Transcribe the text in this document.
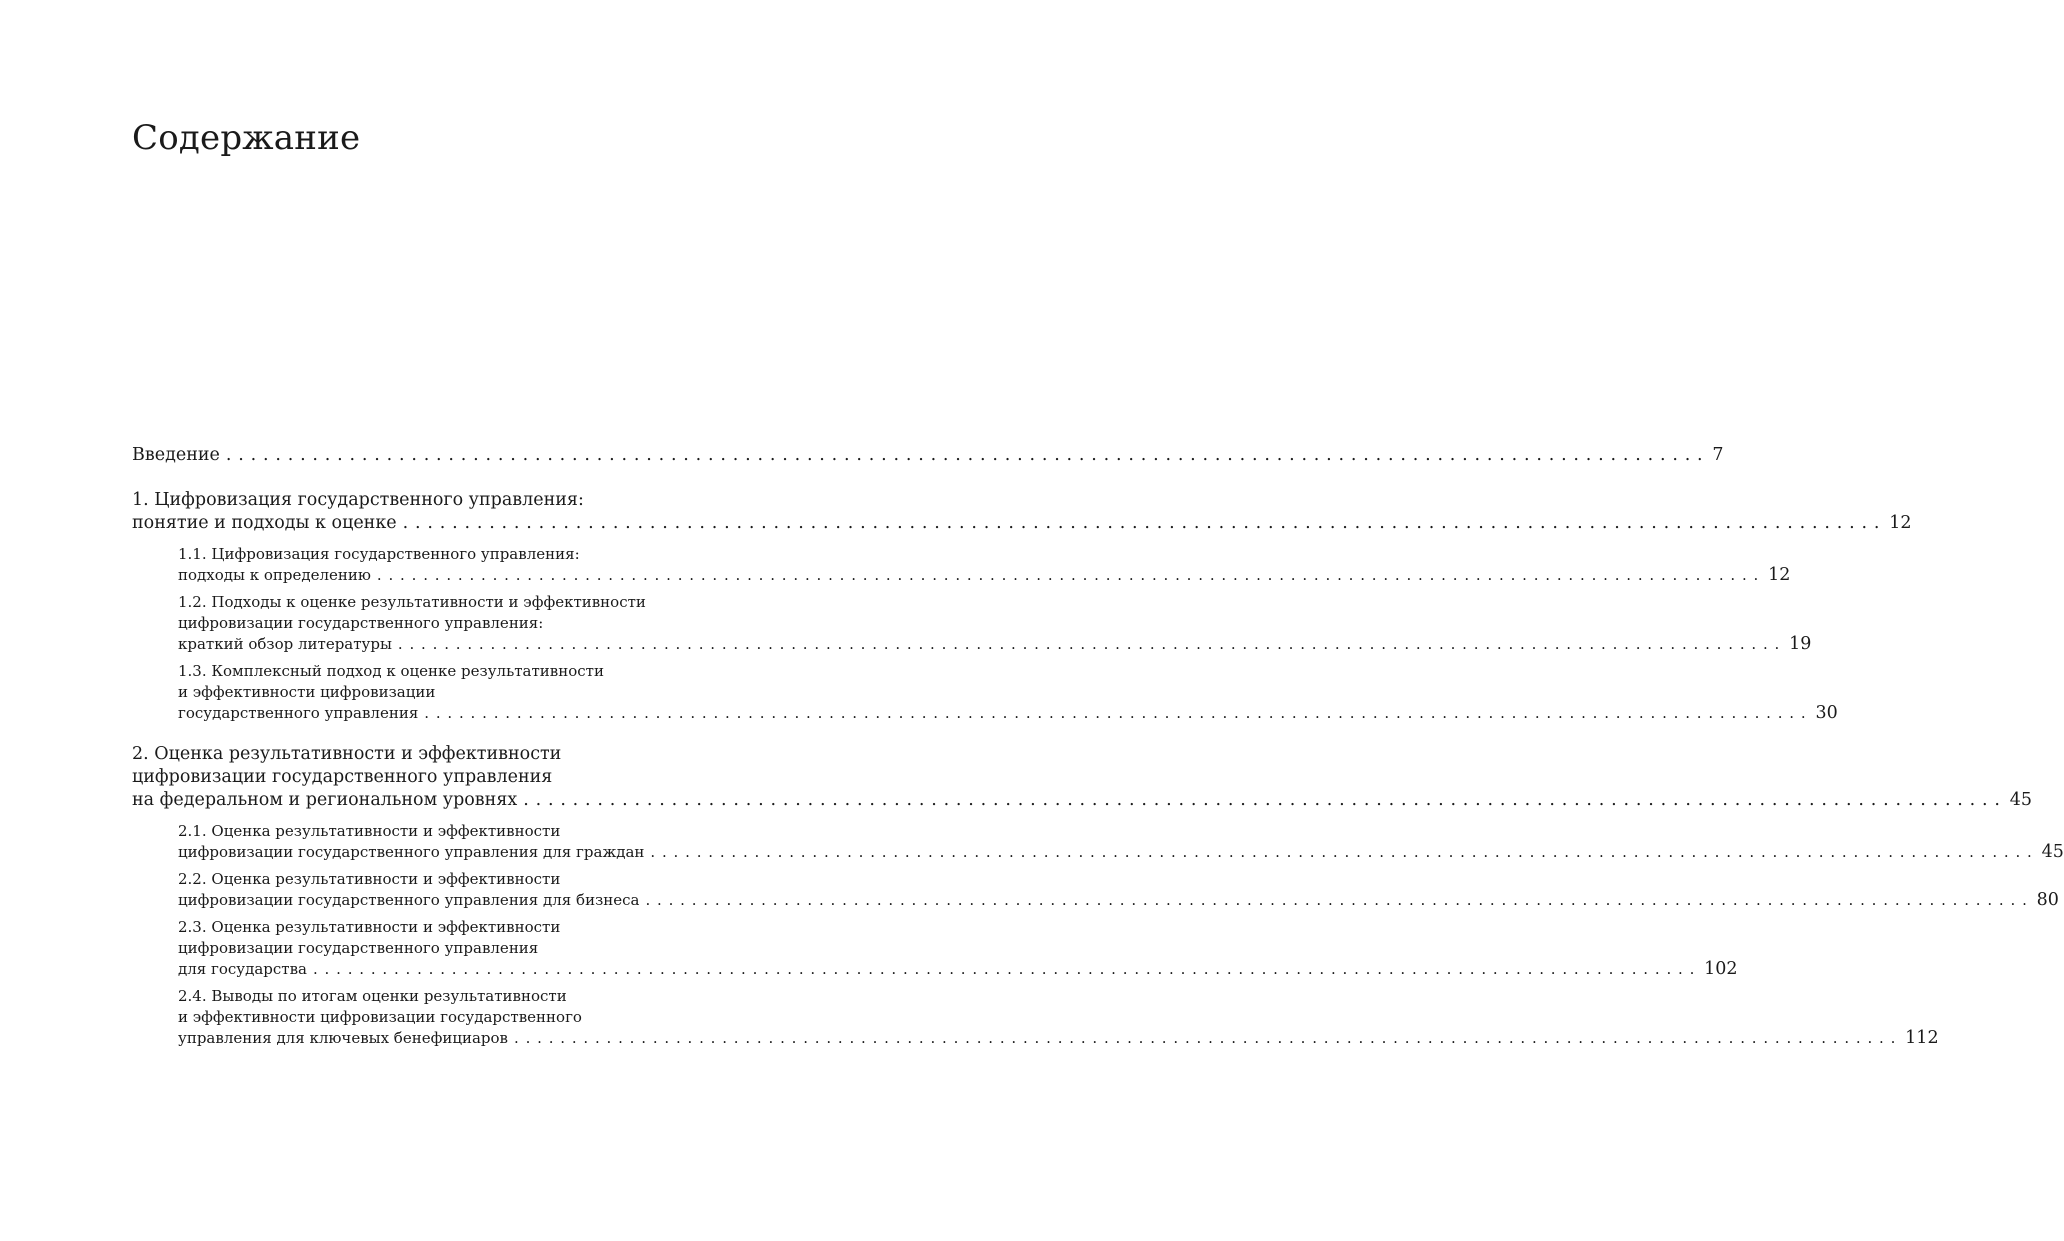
Содержание
Введение ........................................................................................................................ 7
1. Цифровизация государственного управления:
понятие и подходы к оценке ........................................................................................................................ 12
1.1. Цифровизация государственного управления:
подходы к определению ........................................................................................................................ 12
1.2. Подходы к оценке результативности и эффективности
цифровизации государственного управления:
краткий обзор литературы ........................................................................................................................ 19
1.3. Комплексный подход к оценке результативности
и эффективности цифровизации
государственного управления ........................................................................................................................ 30
2. Оценка результативности и эффективности
цифровизации государственного управления
на федеральном и региональном уровнях ........................................................................................................................ 45
2.1. Оценка результативности и эффективности
цифровизации государственного управления для граждан ........................................................................................................................ 45
2.2. Оценка результативности и эффективности
цифровизации государственного управления для бизнеса ........................................................................................................................ 80
2.3. Оценка результативности и эффективности
цифровизации государственного управления
для государства ........................................................................................................................ 102
2.4. Выводы по итогам оценки результативности
и эффективности цифровизации государственного
управления для ключевых бенефициаров ........................................................................................................................ 112
